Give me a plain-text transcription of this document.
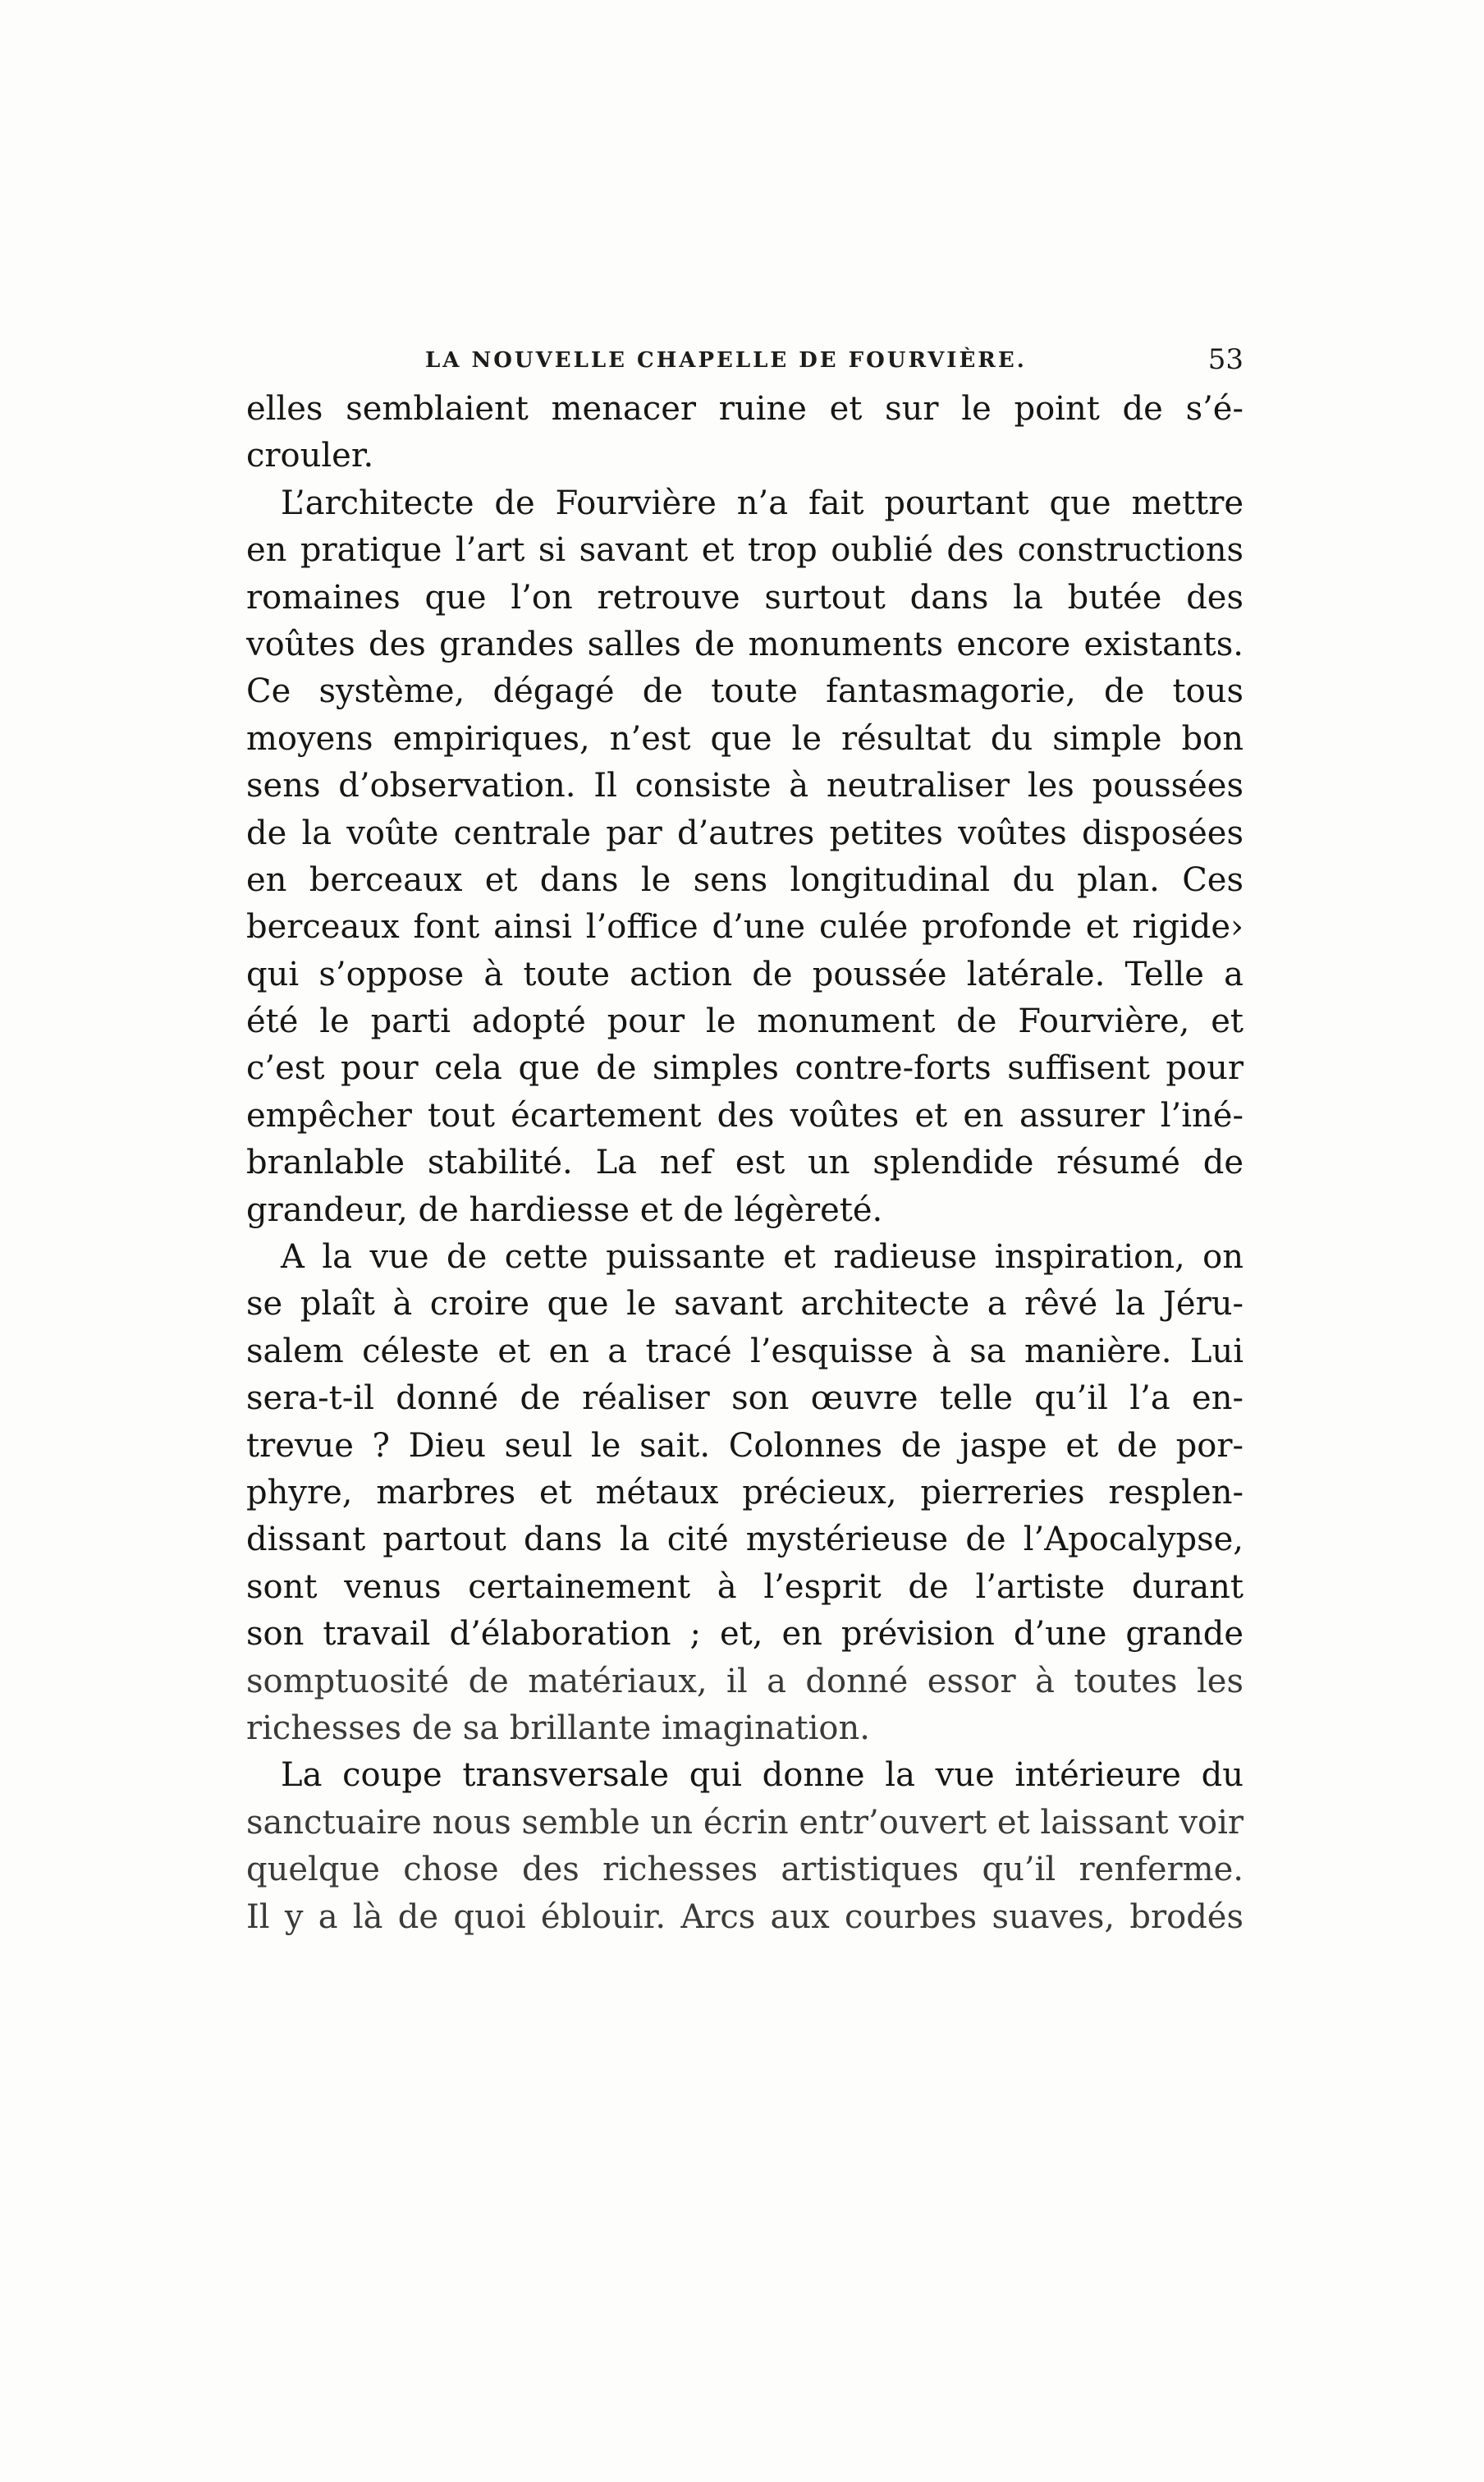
LA NOUVELLE CHAPELLE DE FOURVIÈRE.	53
elles semblaient menacer ruine et sur le point de s’é-
crouler.
L’architecte de Fourvière n’a fait pourtant que mettre
en pratique l’art si savant et trop oublié des constructions
romaines que l’on retrouve surtout dans la butée des
voûtes des grandes salles de monuments encore existants.
Ce système, dégagé de toute fantasmagorie, de tous
moyens empiriques, n’est que le résultat du simple bon
sens d’observation. Il consiste à neutraliser les poussées
de la voûte centrale par d’autres petites voûtes disposées
en berceaux et dans le sens longitudinal du plan. Ces
berceaux font ainsi l’office d’une culée profonde et rigide›
qui s’oppose à toute action de poussée latérale. Telle a
été le parti adopté pour le monument de Fourvière, et
c’est pour cela que de simples contre-forts suffisent pour
empêcher tout écartement des voûtes et en assurer l’iné-
branlable stabilité. La nef est un splendide résumé de
grandeur, de hardiesse et de légèreté.
A la vue de cette puissante et radieuse inspiration, on
se plaît à croire que le savant architecte a rêvé la Jéru-
salem céleste et en a tracé l’esquisse à sa manière. Lui
sera-t-il donné de réaliser son œuvre telle qu’il l’a en-
trevue ? Dieu seul le sait. Colonnes de jaspe et de por-
phyre, marbres et métaux précieux, pierreries resplen-
dissant partout dans la cité mystérieuse de l’Apocalypse,
sont venus certainement à l’esprit de l’artiste durant
son travail d’élaboration ; et, en prévision d’une grande
somptuosité de matériaux, il a donné essor à toutes les
richesses de sa brillante imagination.
La coupe transversale qui donne la vue intérieure du
sanctuaire nous semble un écrin entr’ouvert et laissant voir
quelque chose des richesses artistiques qu’il renferme.
Il y a là de quoi éblouir. Arcs aux courbes suaves, brodés
